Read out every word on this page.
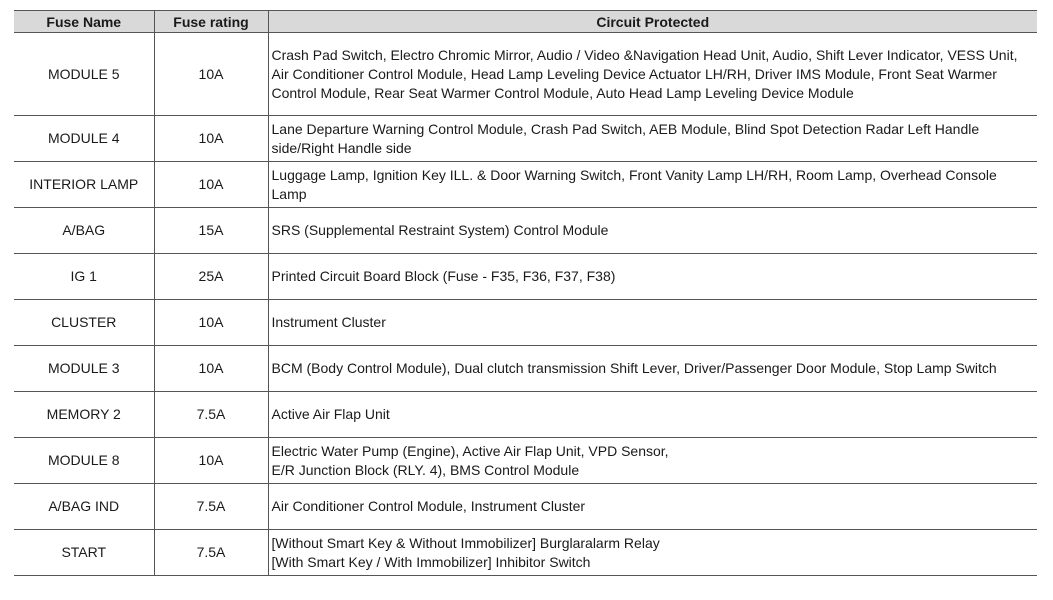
Fuse Name	Fuse rating	Circuit Protected
MODULE 5	10A	Crash Pad Switch, Electro Chromic Mirror, Audio / Video &Navigation Head Unit, Audio, Shift Lever Indicator, VESS Unit, Air Conditioner Control Module, Head Lamp Leveling Device Actuator LH/RH, Driver IMS Module, Front Seat Warmer Control Module, Rear Seat Warmer Control Module, Auto Head Lamp Leveling Device Module
MODULE 4	10A	Lane Departure Warning Control Module, Crash Pad Switch, AEB Module, Blind Spot Detection Radar Left Handle side/Right Handle side
INTERIOR LAMP	10A	Luggage Lamp, Ignition Key ILL. & Door Warning Switch, Front Vanity Lamp LH/RH, Room Lamp, Overhead Console Lamp
A/BAG	15A	SRS (Supplemental Restraint System) Control Module
IG 1	25A	Printed Circuit Board Block (Fuse - F35, F36, F37, F38)
CLUSTER	10A	Instrument Cluster
MODULE 3	10A	BCM (Body Control Module), Dual clutch transmission Shift Lever, Driver/Passenger Door Module, Stop Lamp Switch
MEMORY 2	7.5A	Active Air Flap Unit
MODULE 8	10A	Electric Water Pump (Engine), Active Air Flap Unit, VPD Sensor,
E/R Junction Block (RLY. 4), BMS Control Module

A/BAG IND	7.5A	Air Conditioner Control Module, Instrument Cluster
START	7.5A	[Without Smart Key & Without Immobilizer] Burglaralarm Relay
[With Smart Key / With Immobilizer] Inhibitor Switch
